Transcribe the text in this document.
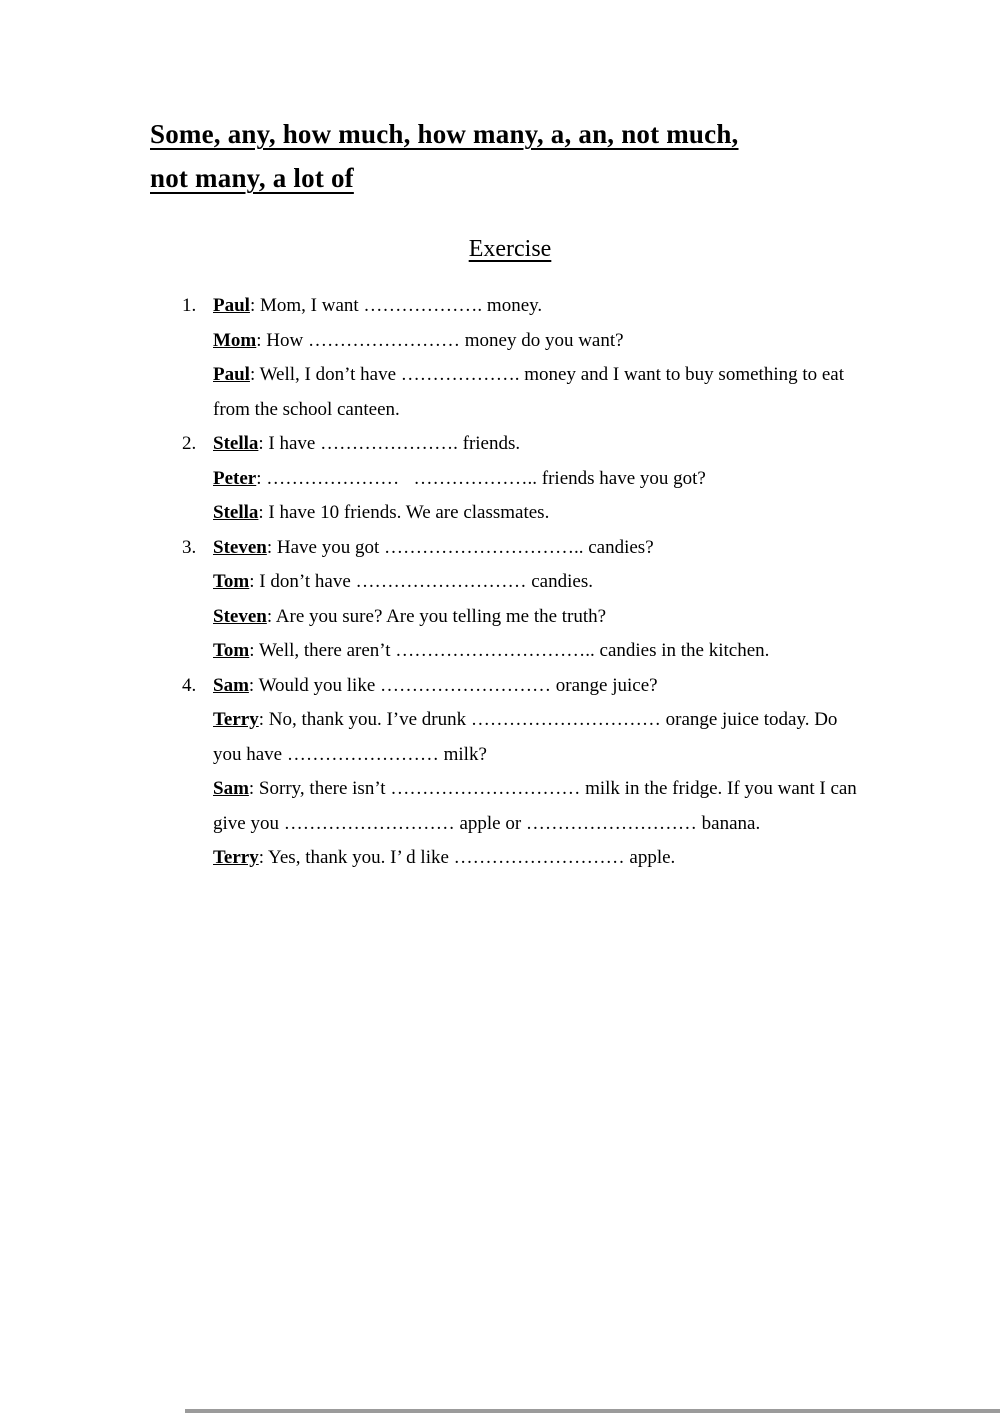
Some, any, how much, how many, a, an, not much,not many, a lot of
Exercise
1. Paul: Mom, I want ………………. money.

Mom: How …………………… money do you want?

Paul: Well, I don’t have ………………. money and I want to buy something to eat from the school canteen.

2. Stella: I have …………………. friends.

Peter: …………………   ……………….. friends have you got?

Stella: I have 10 friends. We are classmates.

3. Steven: Have you got ………………………….. candies?

Tom: I don’t have ……………………… candies.

Steven: Are you sure? Are you telling me the truth?

Tom: Well, there aren’t ………………………….. candies in the kitchen.

4. Sam: Would you like ……………………… orange juice?

Terry: No, thank you. I’ve drunk ………………………… orange juice today. Do you have …………………… milk?

Sam: Sorry, there isn’t ………………………… milk in the fridge. If you want I can give you ……………………… apple or ……………………… banana.

Terry: Yes, thank you. I’ d like ……………………… apple.
